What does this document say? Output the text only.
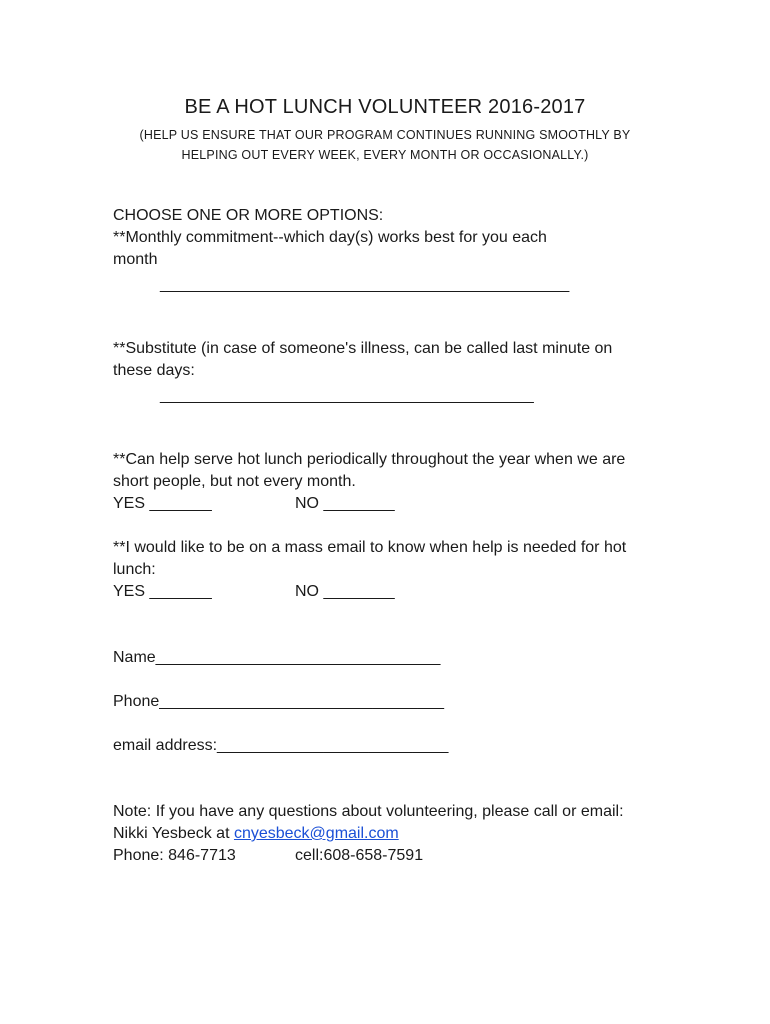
BE A HOT LUNCH VOLUNTEER 2016-2017
(HELP US ENSURE THAT OUR PROGRAM CONTINUES RUNNING SMOOTHLY BY HELPING OUT EVERY WEEK, EVERY MONTH OR OCCASIONALLY.)
CHOOSE ONE OR MORE OPTIONS:
**Monthly commitment--which day(s) works best for you each
month
______________________________________________
**Substitute (in case of someone's illness, can be called last minute on
these days:
__________________________________________
**Can help serve hot lunch periodically throughout the year when we are
short people, but not every month.
YES _______	NO ________
**I would like to be on a mass email to know when help is needed for hot
lunch:
YES _______	NO ________
Name________________________________
Phone________________________________
email address:__________________________
Note: If you have any questions about volunteering, please call or email:
Nikki Yesbeck at cnyesbeck@gmail.com
Phone: 846-7713	cell:608-658-7591
